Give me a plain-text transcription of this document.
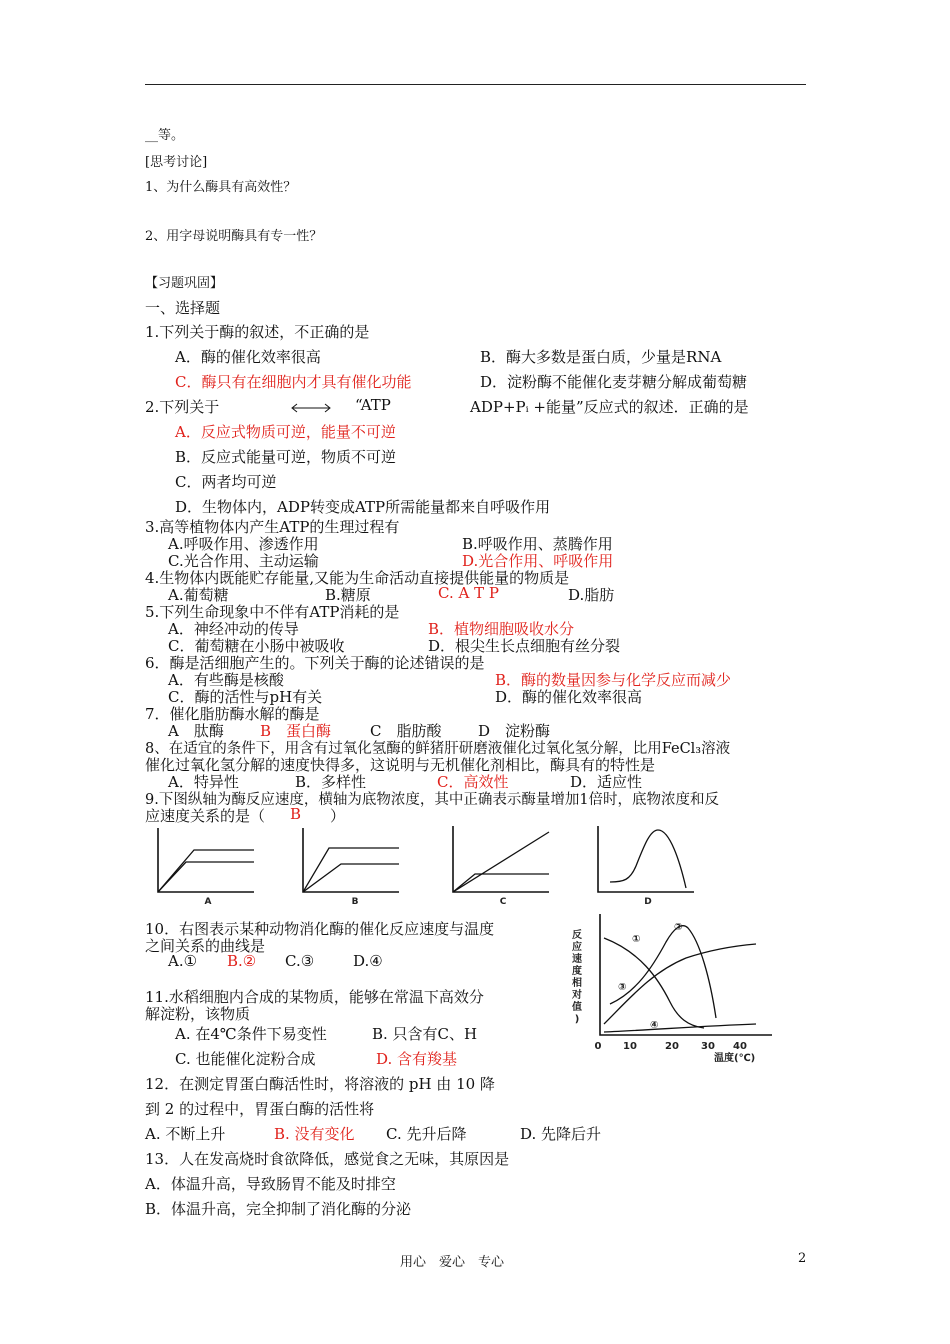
__等。
[思考讨论]
1、为什么酶具有高效性？
2、用字母说明酶具有专一性？
【习题巩固】
一、选择题
1.下列关于酶的叙述，不正确的是
A．酶的催化效率很高	B．酶大多数是蛋白质，少量是RNA
C．酶只有在细胞内才具有催化功能	D．淀粉酶不能催化麦芽糖分解成葡萄糖
2.下列关于	“ATP	ADP+Pᵢ +能量”反应式的叙述．正确的是
A．反应式物质可逆，能量不可逆
B．反应式能量可逆，物质不可逆
C．两者均可逆
D．生物体内，ADP转变成ATP所需能量都来自呼吸作用
3.高等植物体内产生ATP的生理过程有
A.呼吸作用、渗透作用	B.呼吸作用、蒸腾作用
C.光合作用、主动运输	D.光合作用、呼吸作用
4.生物体内既能贮存能量,又能为生命活动直接提供能量的物质是
A.葡萄糖	B.糖原	C. A T P	D.脂肪
5.下列生命现象中不伴有ATP消耗的是
A．神经冲动的传导	B．植物细胞吸收水分
C．葡萄糖在小肠中被吸收	D．根尖生长点细胞有丝分裂
6．酶是活细胞产生的。下列关于酶的论述错误的是
A．有些酶是核酸	B．酶的数量因参与化学反应而减少
C．酶的活性与pH有关	D．酶的催化效率很高
7．催化脂肪酶水解的酶是
A　肽酶 B　蛋白酶	C　脂肪酸 D　淀粉酶
8、在适宜的条件下，用含有过氧化氢酶的鲜猪肝研磨液催化过氧化氢分解，比用FeCl₃溶液
催化过氧化氢分解的速度快得多，这说明与无机催化剂相比，酶具有的特性是
A．特异性	B．多样性	C．高效性	D．适应性
9.下图纵轴为酶反应速度，横轴为底物浓度，其中正确表示酶量增加1倍时，底物浓度和反
应速度关系的是（ B ）
A	B	C	D
10．右图表示某种动物消化酶的催化反应速度与温度
之间关系的曲线是
A.① B.② C.③	D.④
反
应
速
度
相
对
值
)
①
②
③
④
0 10	20 30 40
温度(℃)
11.水稻细胞内合成的某物质，能够在常温下高效分
解淀粉，该物质
A. 在4℃条件下易变性	B. 只含有C、H
C. 也能催化淀粉合成	D. 含有羧基
12．在测定胃蛋白酶活性时，将溶液的 pH 由 10 降
到 2 的过程中，胃蛋白酶的活性将
A. 不断上升	B. 没有变化 C. 先升后降	D. 先降后升
13．人在发高烧时食欲降低，感觉食之无味，其原因是
A．体温升高，导致肠胃不能及时排空
B．体温升高，完全抑制了消化酶的分泌
用心　爱心　专心	2
